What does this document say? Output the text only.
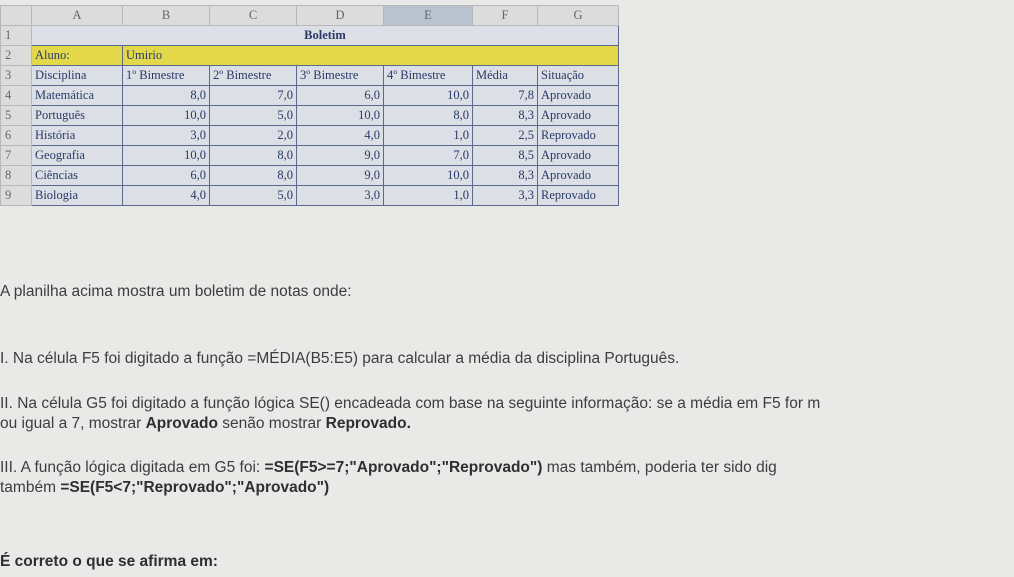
	A	B	C	D	E	F	G
1	Boletim						
2	Aluno:	Umirio					
3	Disciplina	1º Bimestre	2º Bimestre	3º Bimestre	4º Bimestre	Média	Situação
4	Matemática	8,0	7,0	6,0	10,0	7,8	Aprovado
5	Português	10,0	5,0	10,0	8,0	8,3	Aprovado
6	História	3,0	2,0	4,0	1,0	2,5	Reprovado
7	Geografia	10,0	8,0	9,0	7,0	8,5	Aprovado
8	Ciências	6,0	8,0	9,0	10,0	8,3	Aprovado
9	Biologia	4,0	5,0	3,0	1,0	3,3	Reprovado
A planilha acima mostra um boletim de notas onde:
I. Na célula F5 foi digitado a função =MÉDIA(B5:E5) para calcular a média da disciplina Português.
II. Na célula G5 foi digitado a função lógica SE() encadeada com base na seguinte informação: se a média em F5 for m
ou igual a 7, mostrar Aprovado senão mostrar Reprovado.
III. A função lógica digitada em G5 foi: =SE(F5>=7;"Aprovado";"Reprovado") mas também, poderia ter sido dig
também =SE(F5<7;"Reprovado";"Aprovado")
É correto o que se afirma em:
